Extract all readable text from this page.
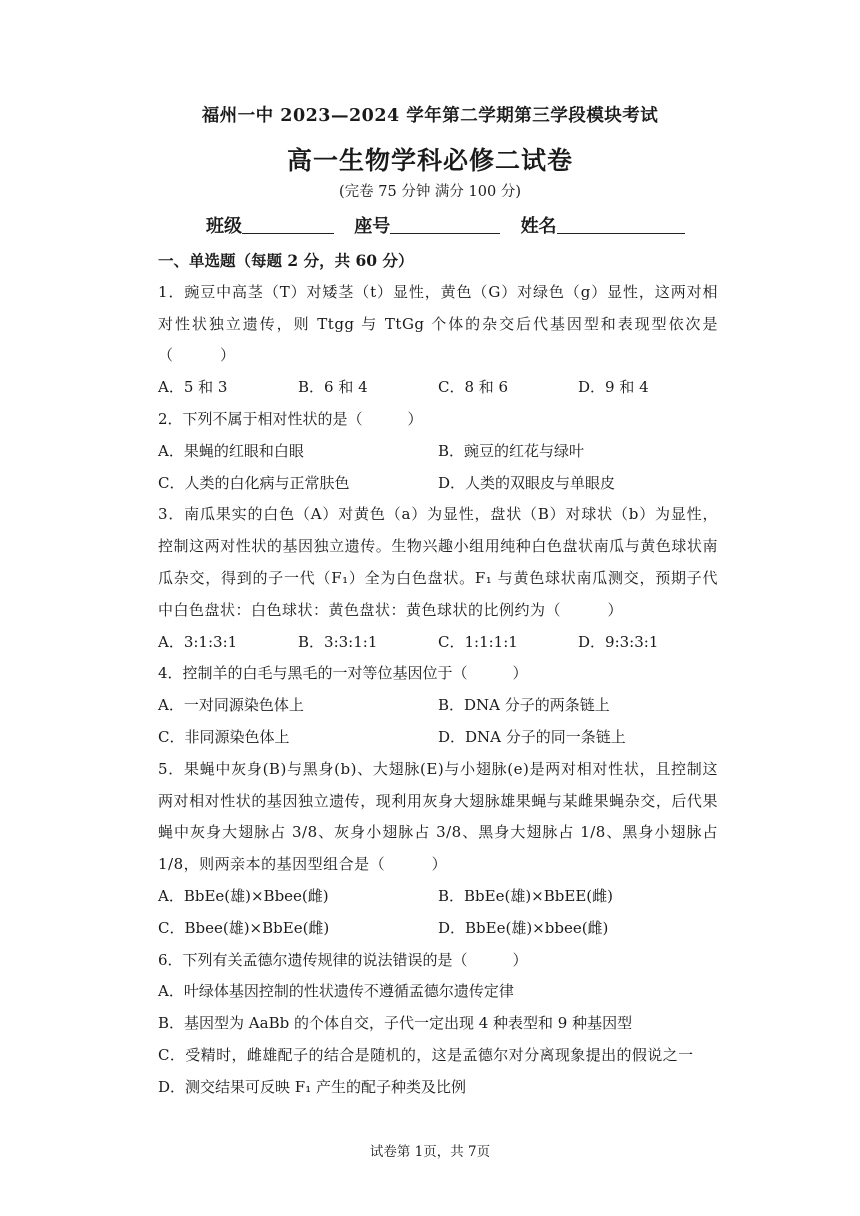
福州一中 2023—2024 学年第二学期第三学段模块考试
高一生物学科必修二试卷
(完卷 75 分钟 满分 100 分)
班级	座号	姓名
一、单选题（每题 2 分，共 60 分）
1．豌豆中高茎（T）对矮茎（t）显性，黄色（G）对绿色（g）显性，这两对相对性状独立遗传，则 Ttgg 与 TtGg 个体的杂交后代基因型和表现型依次是（　　　）
A．5 和 3	B．6 和 4	C．8 和 6	D．9 和 4
2．下列不属于相对性状的是（　　　）
A．果蝇的红眼和白眼	B．豌豆的红花与绿叶
C．人类的白化病与正常肤色	D．人类的双眼皮与单眼皮
3．南瓜果实的白色（A）对黄色（a）为显性，盘状（B）对球状（b）为显性，控制这两对性状的基因独立遗传。生物兴趣小组用纯种白色盘状南瓜与黄色球状南瓜杂交，得到的子一代（F₁）全为白色盘状。F₁ 与黄色球状南瓜测交，预期子代中白色盘状：白色球状：黄色盘状：黄色球状的比例约为（　　　）
A．3:1:3:1	B．3:3:1:1	C．1:1:1:1	D．9:3:3:1
4．控制羊的白毛与黑毛的一对等位基因位于（　　　）
A．一对同源染色体上	B．DNA 分子的两条链上
C．非同源染色体上	D．DNA 分子的同一条链上
5．果蝇中灰身(B)与黑身(b)、大翅脉(E)与小翅脉(e)是两对相对性状，且控制这两对相对性状的基因独立遗传，现利用灰身大翅脉雄果蝇与某雌果蝇杂交，后代果蝇中灰身大翅脉占 3/8、灰身小翅脉占 3/8、黑身大翅脉占 1/8、黑身小翅脉占 1/8，则两亲本的基因型组合是（　　　）
A．BbEe(雄)×Bbee(雌)	B．BbEe(雄)×BbEE(雌)
C．Bbee(雄)×BbEe(雌)	D．BbEe(雄)×bbee(雌)
6．下列有关孟德尔遗传规律的说法错误的是（　　　）
A．叶绿体基因控制的性状遗传不遵循孟德尔遗传定律
B．基因型为 AaBb 的个体自交，子代一定出现 4 种表型和 9 种基因型
C．受精时，雌雄配子的结合是随机的，这是孟德尔对分离现象提出的假说之一
D．测交结果可反映 F₁ 产生的配子种类及比例
试卷第 1页，共 7页
